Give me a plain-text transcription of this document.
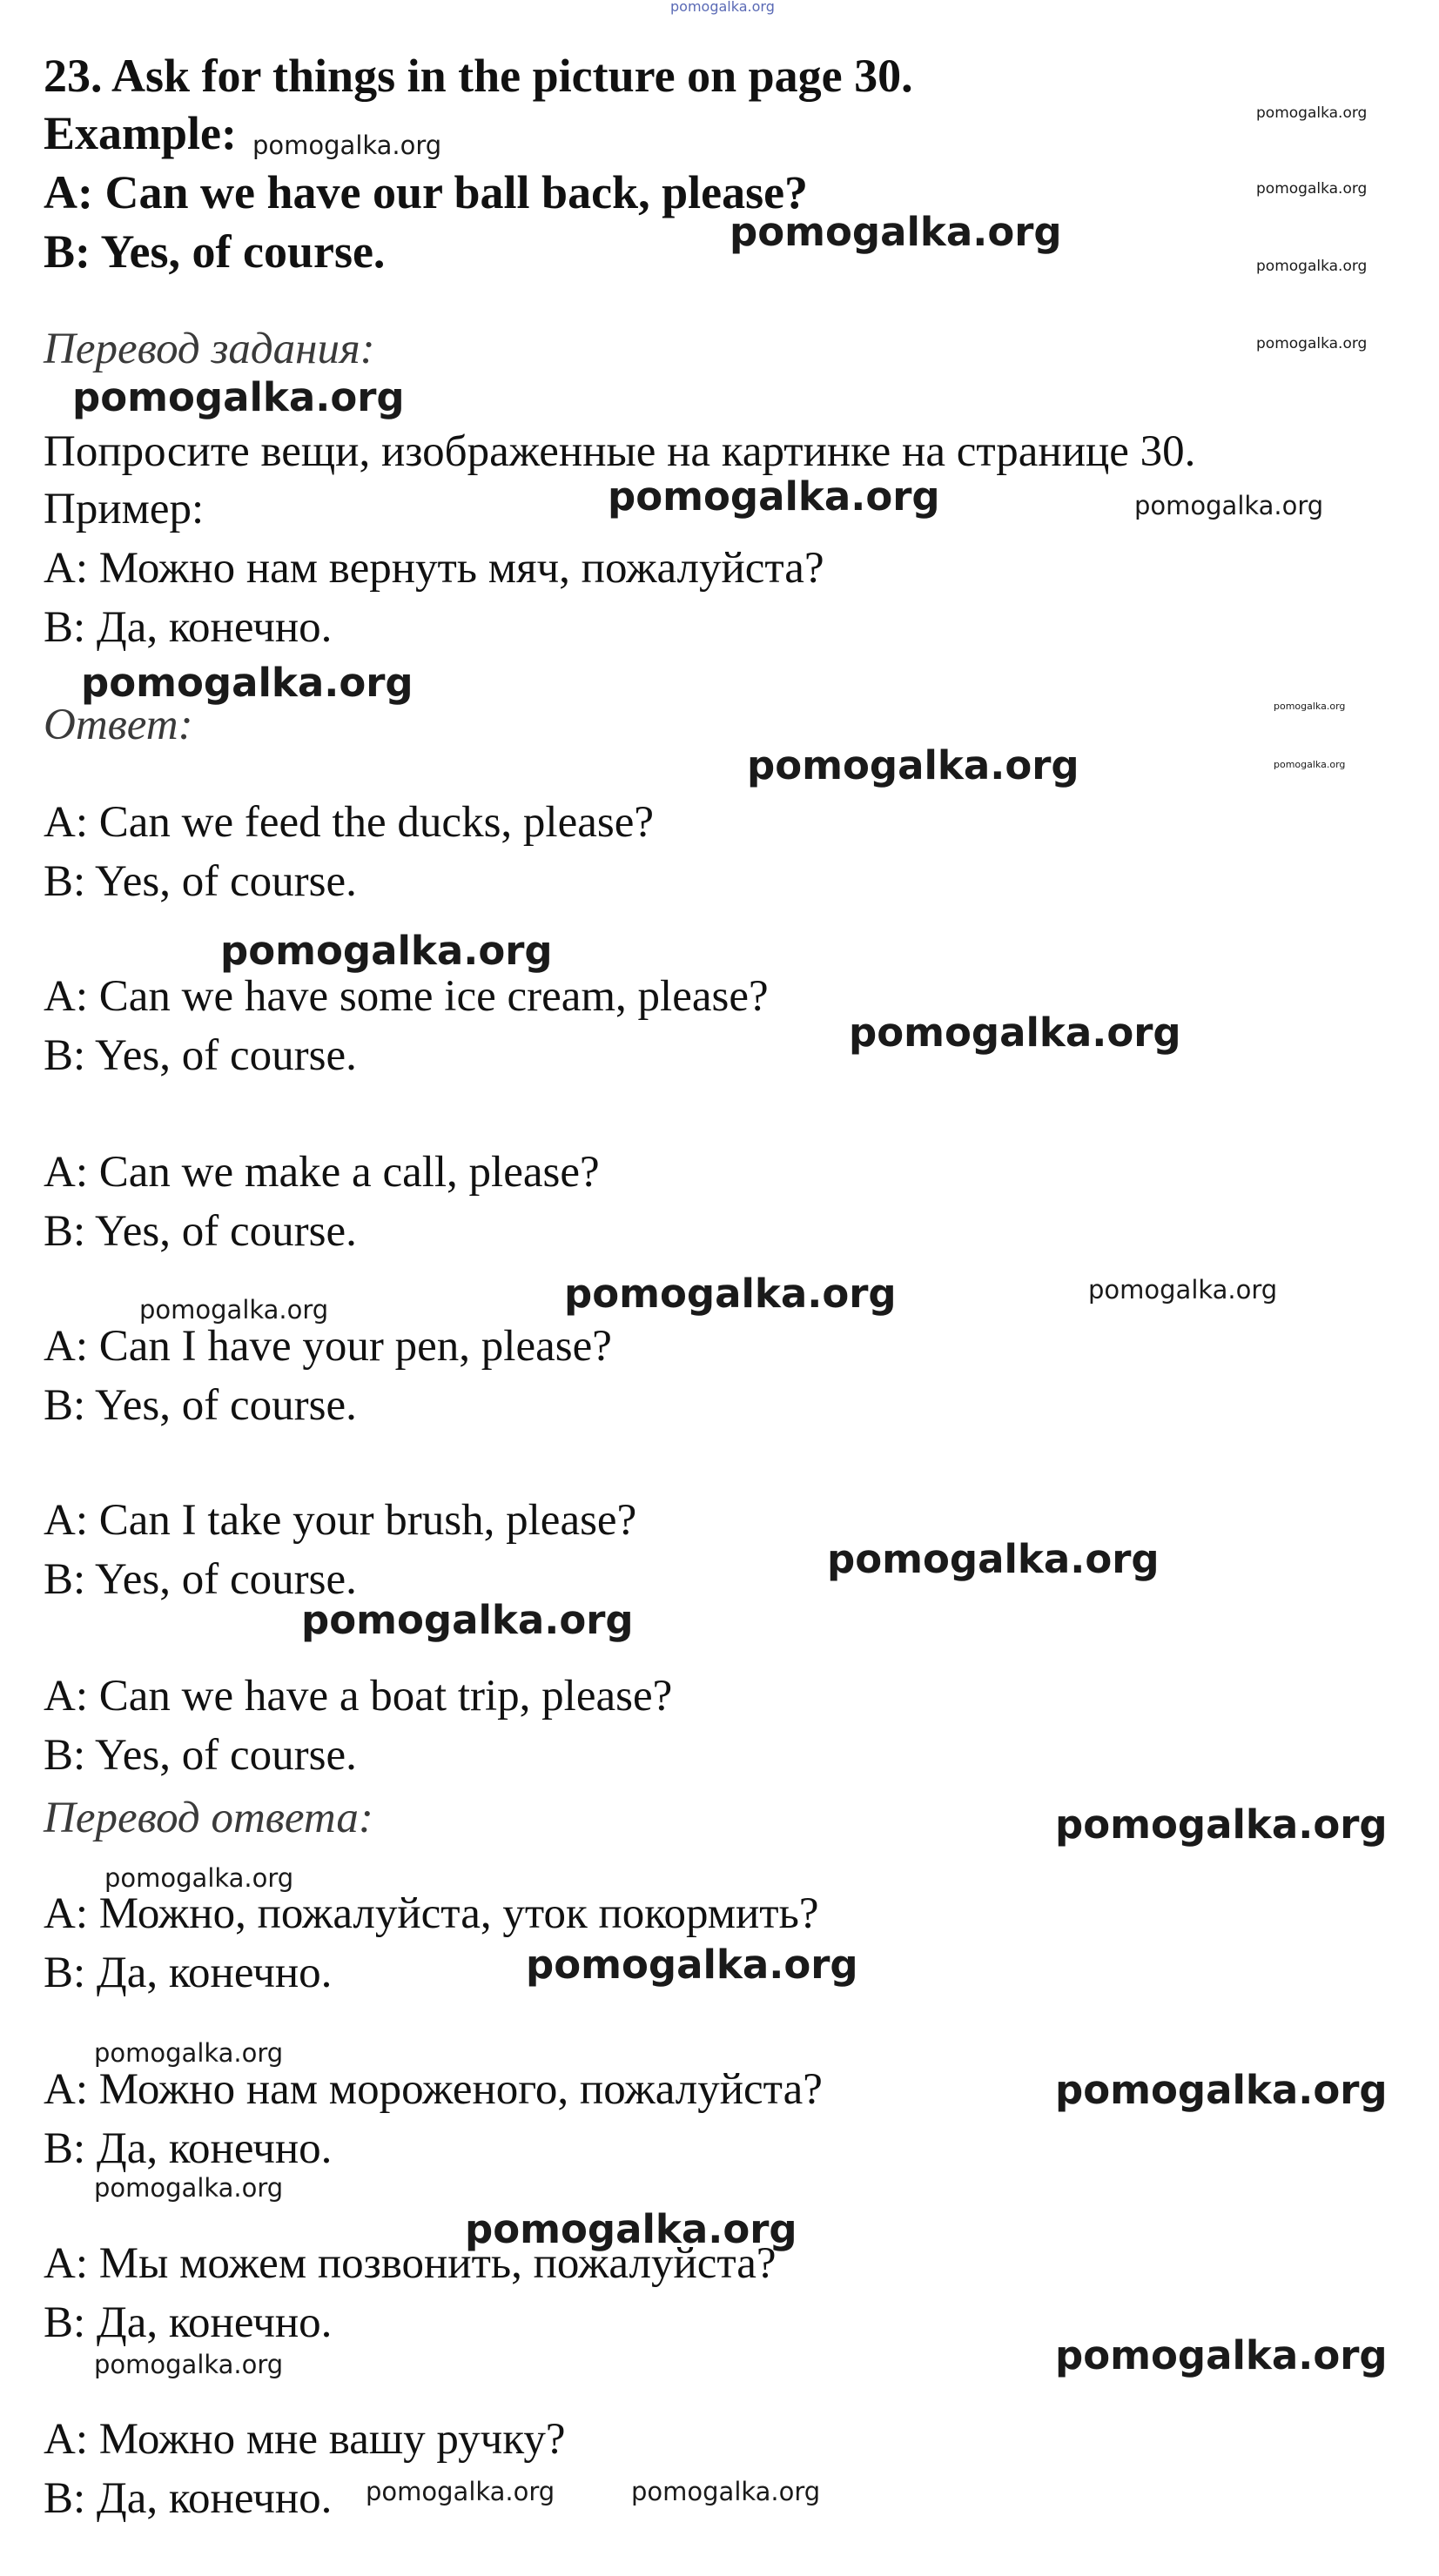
pomogalka.org
pomogalka.org
pomogalka.org
pomogalka.org
pomogalka.org
pomogalka.org
pomogalka.org
pomogalka.org
pomogalka.org	pomogalka.org
pomogalka.org
pomogalka.org
pomogalka.org
pomogalka.org
pomogalka.org
pomogalka.org
pomogalka.org	pomogalka.org	pomogalka.org
pomogalka.org
pomogalka.org
pomogalka.org
pomogalka.org
pomogalka.org
pomogalka.org
pomogalka.org
pomogalka.org
pomogalka.org
pomogalka.org	pomogalka.org
pomogalka.org	pomogalka.org
23. Ask for things in the picture on page 30.
Example:
A: Can we have our ball back, please?
B: Yes, of course.
Перевод задания:
Попросите вещи, изображенные на картинке на странице 30.
Пример:
A: Можно нам вернуть мяч, пожалуйста?
B: Да, конечно.
Ответ:
A: Can we feed the ducks, please?
B: Yes, of course.
A: Can we have some ice cream, please?
B: Yes, of course.
A: Can we make a call, please?
B: Yes, of course.
A: Can I have your pen, please?
B: Yes, of course.
A: Can I take your brush, please?
B: Yes, of course.
A: Can we have a boat trip, please?
B: Yes, of course.
Перевод ответа:
A: Можно, пожалуйста, уток покормить?
B: Да, конечно.
A: Можно нам мороженого, пожалуйста?
B: Да, конечно.
A: Мы можем позвонить, пожалуйста?
B: Да, конечно.
A: Можно мне вашу ручку?
B: Да, конечно.
